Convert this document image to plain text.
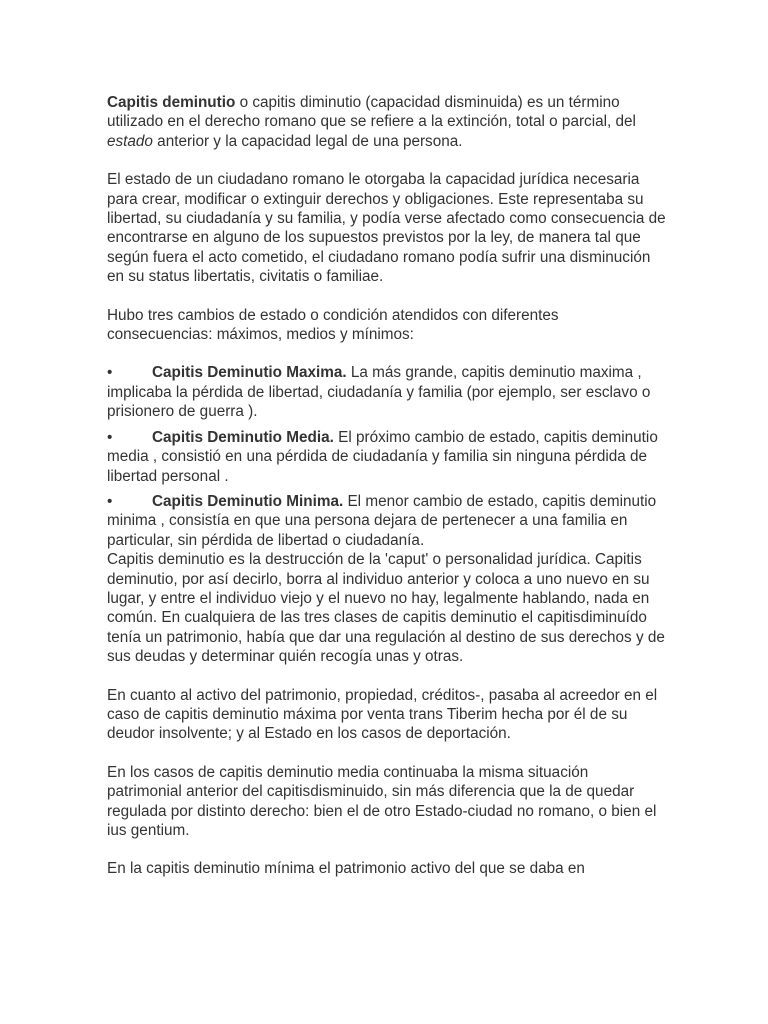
Capitis deminutio o capitis diminutio (capacidad disminuida) es un término utilizado en el derecho romano que se refiere a la extinción, total o parcial, del estado anterior y la capacidad legal de una persona.

El estado de un ciudadano romano le otorgaba la capacidad jurídica necesaria para crear, modificar o extinguir derechos y obligaciones. Este representaba su libertad, su ciudadanía y su familia, y podía verse afectado como consecuencia de encontrarse en alguno de los supuestos previstos por la ley, de manera tal que según fuera el acto cometido, el ciudadano romano podía sufrir una disminución en su status libertatis, civitatis o familiae.

Hubo tres cambios de estado o condición atendidos con diferentes consecuencias: máximos, medios y mínimos:

•	Capitis Deminutio Maxima. La más grande, capitis deminutio maxima , implicaba la pérdida de libertad, ciudadanía y familia (por ejemplo, ser esclavo o prisionero de guerra ).
•	Capitis Deminutio Media. El próximo cambio de estado, capitis deminutio media , consistió en una pérdida de ciudadanía y familia sin ninguna pérdida de libertad personal .
•	Capitis Deminutio Minima. El menor cambio de estado, capitis deminutio minima , consistía en que una persona dejara de pertenecer a una familia en particular, sin pérdida de libertad o ciudadanía.

Capitis deminutio es la destrucción de la 'caput' o personalidad jurídica. Capitis deminutio, por así decirlo, borra al individuo anterior y coloca a uno nuevo en su lugar, y entre el individuo viejo y el nuevo no hay, legalmente hablando, nada en común. En cualquiera de las tres clases de capitis deminutio el capitisdiminuído tenía un patrimonio, había que dar una regulación al destino de sus derechos y de sus deudas y determinar quién recogía unas y otras.

En cuanto al activo del patrimonio, propiedad, créditos-, pasaba al acreedor en el caso de capitis deminutio máxima por venta trans Tiberim hecha por él de su deudor insolvente; y al Estado en los casos de deportación.

En los casos de capitis deminutio media continuaba la misma situación patrimonial anterior del capitisdisminuido, sin más diferencia que la de quedar regulada por distinto derecho: bien el de otro Estado-ciudad no romano, o bien el ius gentium.

En la capitis deminutio mínima el patrimonio activo del que se daba en
